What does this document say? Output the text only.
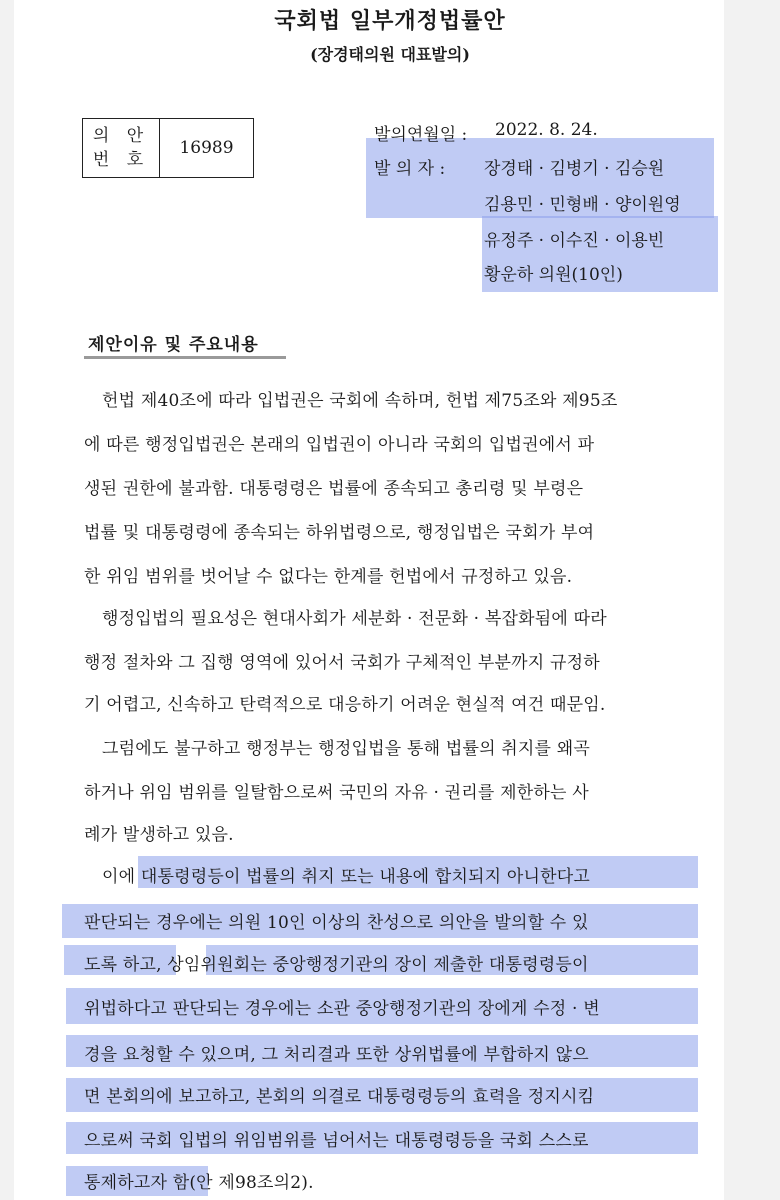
국회법 일부개정법률안
(장경태의원 대표발의)
의 안
번 호
16989
발의연월일 : 2022. 8. 24.
발 의 자 : 장경태 · 김병기 · 김승원
김용민 · 민형배 · 양이원영
유정주 · 이수진 · 이용빈
황운하 의원(10인)
제안이유 및 주요내용
헌법 제40조에 따라 입법권은 국회에 속하며, 헌법 제75조와 제95조
에 따른 행정입법권은 본래의 입법권이 아니라 국회의 입법권에서 파
생된 권한에 불과함. 대통령령은 법률에 종속되고 총리령 및 부령은
법률 및 대통령령에 종속되는 하위법령으로, 행정입법은 국회가 부여
한 위임 범위를 벗어날 수 없다는 한계를 헌법에서 규정하고 있음.
행정입법의 필요성은 현대사회가 세분화 · 전문화 · 복잡화됨에 따라
행정 절차와 그 집행 영역에 있어서 국회가 구체적인 부분까지 규정하
기 어렵고, 신속하고 탄력적으로 대응하기 어려운 현실적 여건 때문임.
그럼에도 불구하고 행정부는 행정입법을 통해 법률의 취지를 왜곡
하거나 위임 범위를 일탈함으로써 국민의 자유 · 권리를 제한하는 사
례가 발생하고 있음.
이에 대통령령등이 법률의 취지 또는 내용에 합치되지 아니한다고
판단되는 경우에는 의원 10인 이상의 찬성으로 의안을 발의할 수 있
도록 하고, 상임위원회는 중앙행정기관의 장이 제출한 대통령령등이
위법하다고 판단되는 경우에는 소관 중앙행정기관의 장에게 수정 · 변
경을 요청할 수 있으며, 그 처리결과 또한 상위법률에 부합하지 않으
면 본회의에 보고하고, 본회의 의결로 대통령령등의 효력을 정지시킴
으로써 국회 입법의 위임범위를 넘어서는 대통령령등을 국회 스스로
통제하고자 함(안 제98조의2).
